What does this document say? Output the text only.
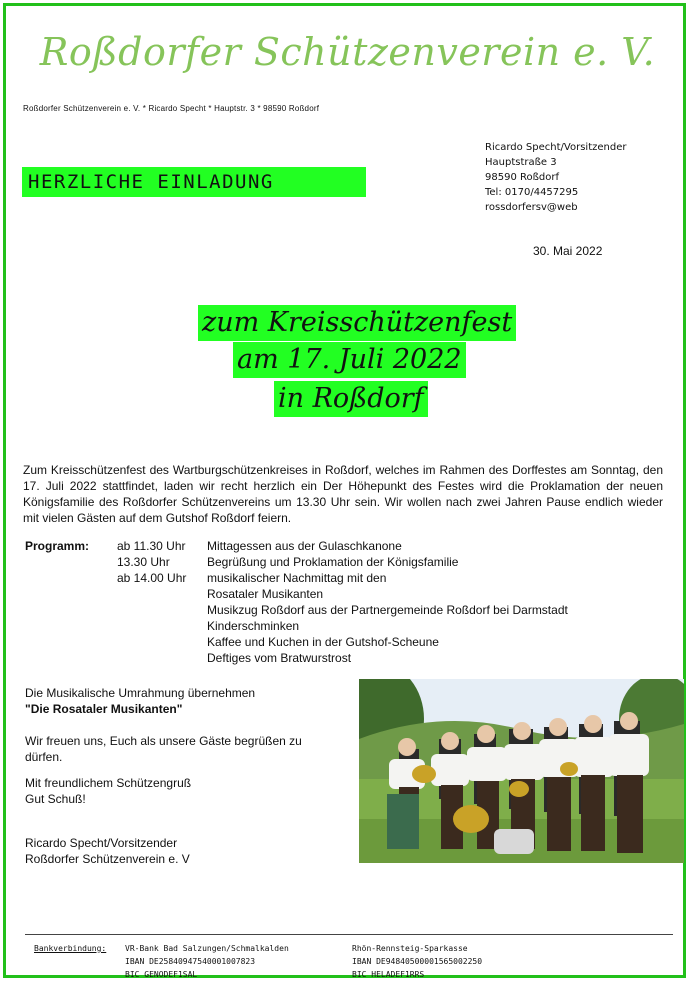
Roßdorfer Schützenverein e. V.
Roßdorfer Schützenverein e. V. * Ricardo Specht * Hauptstr. 3 * 98590 Roßdorf
Ricardo Specht/Vorsitzender
Hauptstraße 3
98590 Roßdorf
Tel: 0170/4457295
rossdorfersv@web
HERZLICHE EINLADUNG
30. Mai 2022
zum Kreisschützenfest
am 17. Juli 2022
in Roßdorf
Zum Kreisschützenfest des Wartburgschützenkreises in Roßdorf, welches im Rahmen des Dorffestes am Sonntag, den 17. Juli 2022 stattfindet, laden wir recht herzlich ein Der Höhepunkt des Festes wird die Proklamation der neuen Königsfamilie des Roßdorfer Schützenvereins um 13.30 Uhr sein. Wir wollen nach zwei Jahren Pause endlich wieder mit vielen Gästen auf dem Gutshof Roßdorf feiern.
Programm: ab 11.30 Uhr
13.30 Uhr
ab 14.00 Uhr
Mittagessen aus der Gulaschkanone
Begrüßung und Proklamation der Königsfamilie
musikalischer Nachmittag mit den
Rosataler Musikanten
Musikzug Roßdorf aus der Partnergemeinde Roßdorf bei Darmstadt
Kinderschminken
Kaffee und Kuchen in der Gutshof-Scheune
Deftiges vom Bratwurstrost
Die Musikalische Umrahmung übernehmen
"Die Rosataler Musikanten"
Wir freuen uns, Euch als unsere Gäste begrüßen zu
dürfen.
Mit freundlichem Schützengruß
Gut Schuß!
Ricardo Specht/Vorsitzender
Roßdorfer Schützenverein e. V
Bankverbindung: VR-Bank Bad Salzungen/Schmalkalden
IBAN DE25840947540001007823
BIC GENODEF1SAL
Rhön-Rennsteig-Sparkasse
IBAN DE94840500001565002250
BIC HELADEF1RRS
